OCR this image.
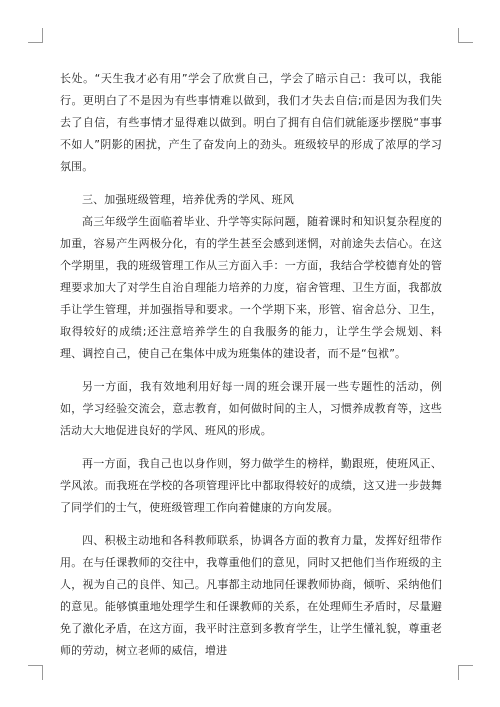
长处。“天生我才必有用”学会了欣赏自己，学会了暗示自己：我可以，我能行。更明白了不是因为有些事情难以做到，我们才失去自信;而是因为我们失去了自信，有些事情才显得难以做到。明白了拥有自信们就能逐步摆脱“事事不如人”阴影的困扰，产生了奋发向上的劲头。班级较早的形成了浓厚的学习氛围。

三、加强班级管理，培养优秀的学风、班风

高三年级学生面临着毕业、升学等实际问题，随着课时和知识复杂程度的加重，容易产生两极分化，有的学生甚至会感到迷惘，对前途失去信心。在这个学期里，我的班级管理工作从三方面入手：一方面，我结合学校德育处的管理要求加大了对学生自治自理能力培养的力度，宿舍管理、卫生方面，我都放手让学生管理，并加强指导和要求。一个学期下来，形管、宿舍总分、卫生，取得较好的成绩;还注意培养学生的自我服务的能力，让学生学会规划、料理、调控自己，使自己在集体中成为班集体的建设者，而不是“包袱”。

另一方面，我有效地利用好每一周的班会课开展一些专题性的活动，例如，学习经验交流会，意志教育，如何做时间的主人，习惯养成教育等，这些活动大大地促进良好的学风、班风的形成。

再一方面，我自己也以身作则，努力做学生的榜样，勤跟班，使班风正、学风浓。而我班在学校的各项管理评比中都取得较好的成绩，这又进一步鼓舞了同学们的士气，使班级管理工作向着健康的方向发展。

四、积极主动地和各科教师联系，协调各方面的教育力量，发挥好纽带作用。在与任课教师的交往中，我尊重他们的意见，同时又把他们当作班级的主人，视为自己的良伴、知己。凡事都主动地同任课教师协商，倾听、采纳他们的意见。能够慎重地处理学生和任课教师的关系，在处理师生矛盾时，尽量避免了激化矛盾，在这方面，我平时注意到多教育学生，让学生懂礼貌，尊重老师的劳动，树立老师的威信，增进
